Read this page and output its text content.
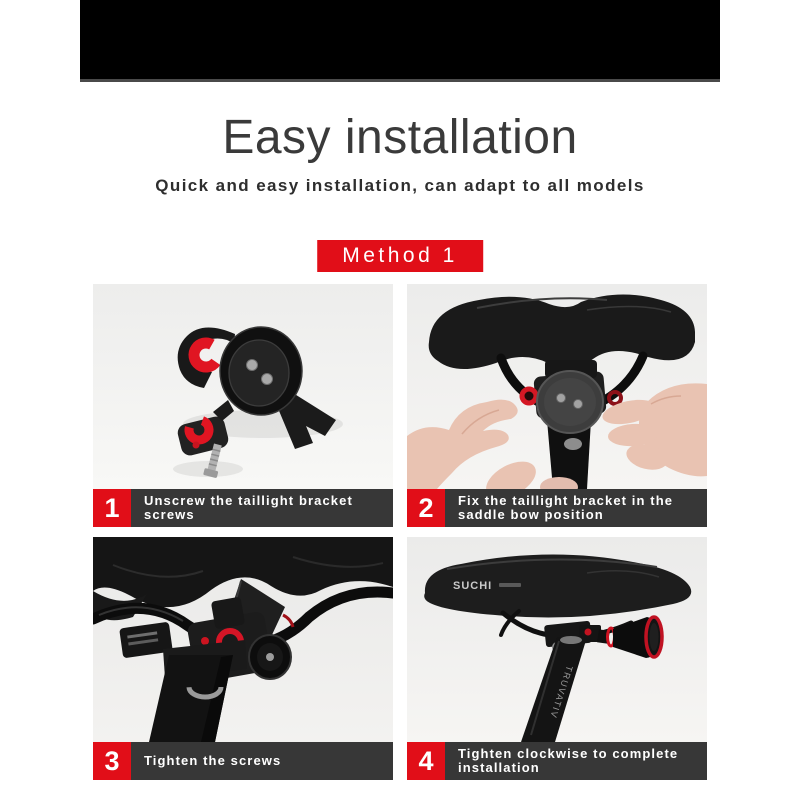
Easy installation
Quick and easy installation, can adapt to all models
Method 1
1	Unscrew the taillight bracket screws	2	Fix the taillight bracket in the saddle bow position
3	Tighten the screws
SUCHI
TRUVATIV
4	Tighten clockwise to complete installation
